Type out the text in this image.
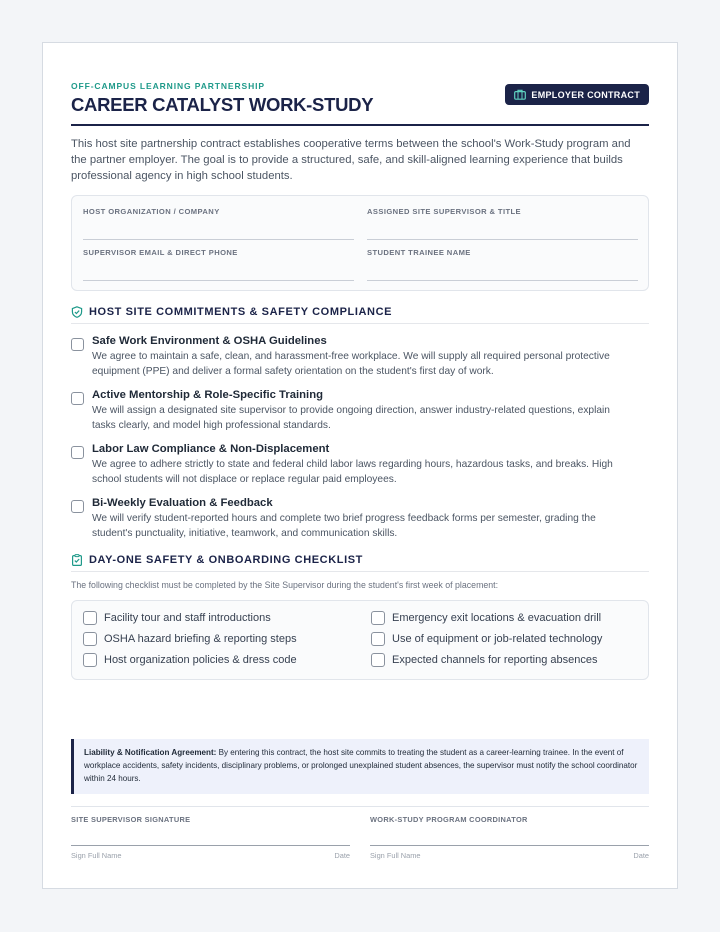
OFF-CAMPUS LEARNING PARTNERSHIP
CAREER CATALYST WORK-STUDY	EMPLOYER CONTRACT

This host site partnership contract establishes cooperative terms between the school's Work-Study program and the partner employer. The goal is to provide a structured, safe, and skill-aligned learning experience that builds professional agency in high school students.

HOST ORGANIZATION / COMPANY	ASSIGNED SITE SUPERVISOR & TITLE
SUPERVISOR EMAIL & DIRECT PHONE	STUDENT TRAINEE NAME
HOST SITE COMMITMENTS & SAFETY COMPLIANCE
Safe Work Environment & OSHA Guidelines
We agree to maintain a safe, clean, and harassment-free workplace. We will supply all required personal protective equipment (PPE) and deliver a formal safety orientation on the student's first day of work.
Active Mentorship & Role-Specific Training
We will assign a designated site supervisor to provide ongoing direction, answer industry-related questions, explain tasks clearly, and model high professional standards.
Labor Law Compliance & Non-Displacement
We agree to adhere strictly to state and federal child labor laws regarding hours, hazardous tasks, and breaks. High school students will not displace or replace regular paid employees.
Bi-Weekly Evaluation & Feedback
We will verify student-reported hours and complete two brief progress feedback forms per semester, grading the student's punctuality, initiative, teamwork, and communication skills.
DAY-ONE SAFETY & ONBOARDING CHECKLIST
The following checklist must be completed by the Site Supervisor during the student's first week of placement:
Facility tour and staff introductions	Emergency exit locations & evacuation drill
OSHA hazard briefing & reporting steps	Use of equipment or job-related technology
Host organization policies & dress code	Expected channels for reporting absences
Liability & Notification Agreement: By entering this contract, the host site commits to treating the student as a career-learning trainee. In the event of workplace accidents, safety incidents, disciplinary problems, or prolonged unexplained student absences, the supervisor must notify the school coordinator within 24 hours.
SITE SUPERVISOR SIGNATURE
Sign Full Name	Date
WORK-STUDY PROGRAM COORDINATOR
Sign Full Name	Date
